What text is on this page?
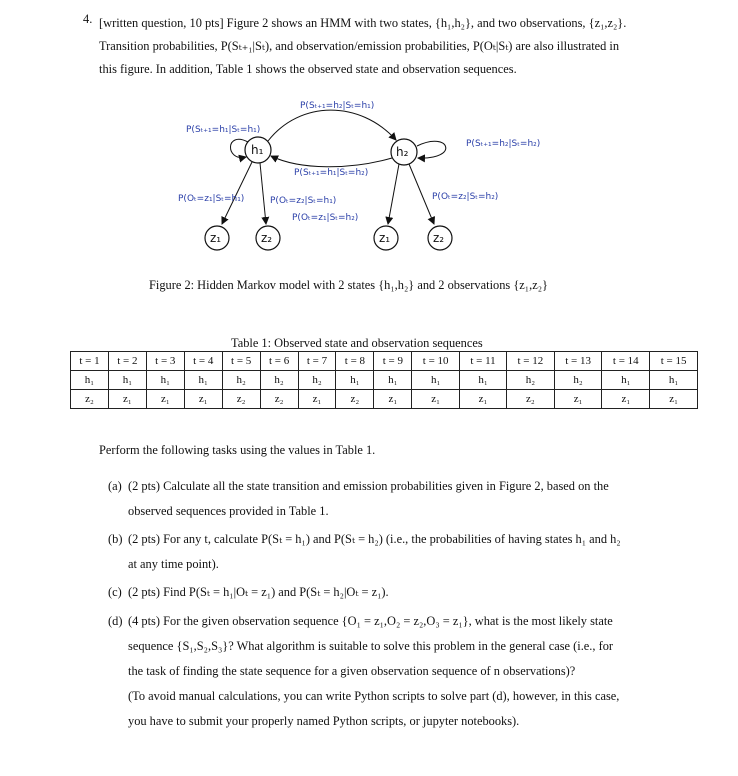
4. [written question, 10 pts] Figure 2 shows an HMM with two states, {h₁,h₂}, and two observations, {z₁,z₂}.
Transition probabilities, P(Sₜ₊₁|Sₜ), and observation/emission probabilities, P(Oₜ|Sₜ) are also illustrated in
this figure. In addition, Table 1 shows the observed state and observation sequences.
h₁	h₂
z₁	z₂	z₁	z₂
P(Sₜ₊₁=h₂|Sₜ=h₁)
P(Sₜ₊₁=h₁|Sₜ=h₁)
P(Sₜ₊₁=h₂|Sₜ=h₂)
P(Sₜ₊₁=h₁|Sₜ=h₂)
P(Oₜ=z₁|Sₜ=h₁)	P(Oₜ=z₂|Sₜ=h₁)
P(Oₜ=z₁|Sₜ=h₂)
P(Oₜ=z₂|Sₜ=h₂)
Figure 2: Hidden Markov model with 2 states {h₁,h₂} and 2 observations {z₁,z₂}
Table 1: Observed state and observation sequences
t = 1	t = 2	t = 3	t = 4	t = 5	t = 6	t = 7	t = 8	t = 9	t = 10	t = 11	t = 12	t = 13	t = 14	t = 15
h₁	h₁	h₁	h₁	h₂	h₂	h₂	h₁	h₁	h₁	h₁	h₂	h₂	h₁	h₁
z₂	z₁	z₁	z₁	z₂	z₂	z₁	z₂	z₁	z₁	z₁	z₂	z₁	z₁	z₁
Perform the following tasks using the values in Table 1.
(a) (2 pts) Calculate all the state transition and emission probabilities given in Figure 2, based on the
observed sequences provided in Table 1.
(b) (2 pts) For any t, calculate P(Sₜ = h₁) and P(Sₜ = h₂) (i.e., the probabilities of having states h₁ and h₂
at any time point).
(c) (2 pts) Find P(Sₜ = h₁|Oₜ = z₁) and P(Sₜ = h₂|Oₜ = z₁).
(d) (4 pts) For the given observation sequence {O₁ = z₁,O₂ = z₂,O₃ = z₁}, what is the most likely state
sequence {S₁,S₂,S₃}? What algorithm is suitable to solve this problem in the general case (i.e., for
the task of finding the state sequence for a given observation sequence of n observations)?
(To avoid manual calculations, you can write Python scripts to solve part (d), however, in this case,
you have to submit your properly named Python scripts, or jupyter notebooks).
